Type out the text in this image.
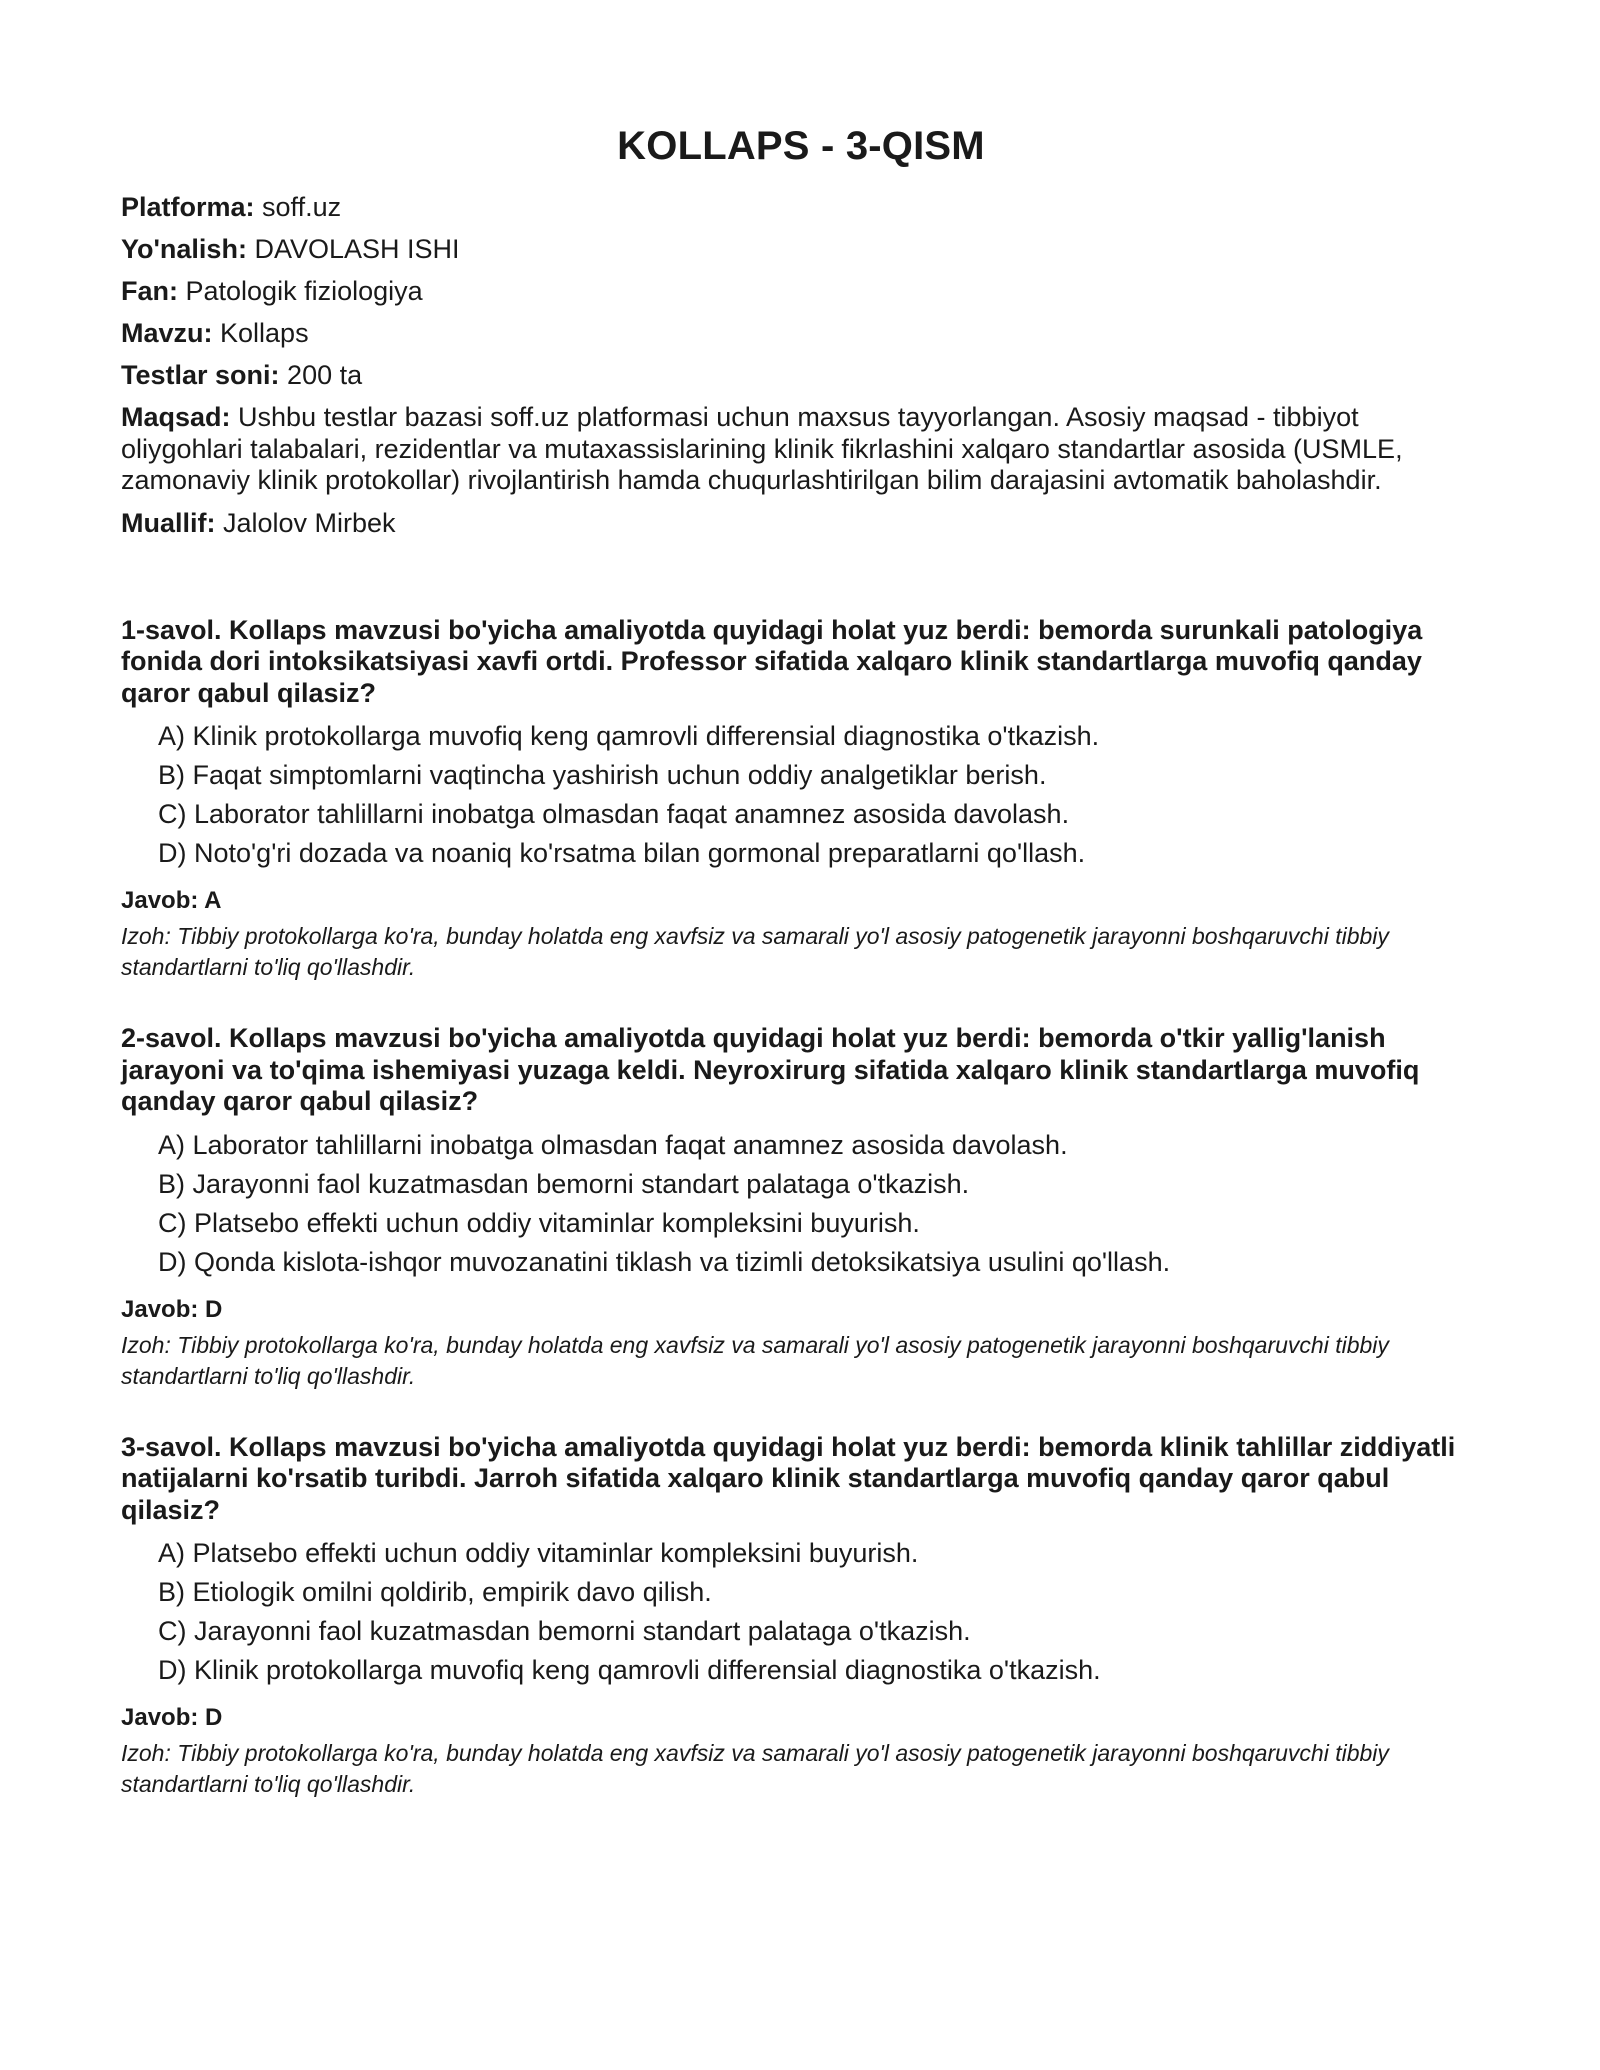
KOLLAPS - 3-QISM

Platforma: soff.uz

Yo'nalish: DAVOLASH ISHI

Fan: Patologik fiziologiya

Mavzu: Kollaps

Testlar soni: 200 ta

Maqsad: Ushbu testlar bazasi soff.uz platformasi uchun maxsus tayyorlangan. Asosiy maqsad - tibbiyot oliygohlari talabalari, rezidentlar va mutaxassislarining klinik fikrlashini xalqaro standartlar asosida (USMLE, zamonaviy klinik protokollar) rivojlantirish hamda chuqurlashtirilgan bilim darajasini avtomatik baholashdir.

Muallif: Jalolov Mirbek

1-savol. Kollaps mavzusi bo'yicha amaliyotda quyidagi holat yuz berdi: bemorda surunkali patologiya fonida dori intoksikatsiyasi xavfi ortdi. Professor sifatida xalqaro klinik standartlarga muvofiq qanday qaror qabul qilasiz?

A) Klinik protokollarga muvofiq keng qamrovli differensial diagnostika o'tkazish.
B) Faqat simptomlarni vaqtincha yashirish uchun oddiy analgetiklar berish.
C) Laborator tahlillarni inobatga olmasdan faqat anamnez asosida davolash.
D) Noto'g'ri dozada va noaniq ko'rsatma bilan gormonal preparatlarni qo'llash.

Javob: A

Izoh: Tibbiy protokollarga ko'ra, bunday holatda eng xavfsiz va samarali yo'l asosiy patogenetik jarayonni boshqaruvchi tibbiy standartlarni to'liq qo'llashdir.

2-savol. Kollaps mavzusi bo'yicha amaliyotda quyidagi holat yuz berdi: bemorda o'tkir yallig'lanish jarayoni va to'qima ishemiyasi yuzaga keldi. Neyroxirurg sifatida xalqaro klinik standartlarga muvofiq qanday qaror qabul qilasiz?

A) Laborator tahlillarni inobatga olmasdan faqat anamnez asosida davolash.
B) Jarayonni faol kuzatmasdan bemorni standart palataga o'tkazish.
C) Platsebo effekti uchun oddiy vitaminlar kompleksini buyurish.
D) Qonda kislota-ishqor muvozanatini tiklash va tizimli detoksikatsiya usulini qo'llash.

Javob: D

Izoh: Tibbiy protokollarga ko'ra, bunday holatda eng xavfsiz va samarali yo'l asosiy patogenetik jarayonni boshqaruvchi tibbiy standartlarni to'liq qo'llashdir.

3-savol. Kollaps mavzusi bo'yicha amaliyotda quyidagi holat yuz berdi: bemorda klinik tahlillar ziddiyatli natijalarni ko'rsatib turibdi. Jarroh sifatida xalqaro klinik standartlarga muvofiq qanday qaror qabul qilasiz?

A) Platsebo effekti uchun oddiy vitaminlar kompleksini buyurish.
B) Etiologik omilni qoldirib, empirik davo qilish.
C) Jarayonni faol kuzatmasdan bemorni standart palataga o'tkazish.
D) Klinik protokollarga muvofiq keng qamrovli differensial diagnostika o'tkazish.

Javob: D

Izoh: Tibbiy protokollarga ko'ra, bunday holatda eng xavfsiz va samarali yo'l asosiy patogenetik jarayonni boshqaruvchi tibbiy standartlarni to'liq qo'llashdir.
